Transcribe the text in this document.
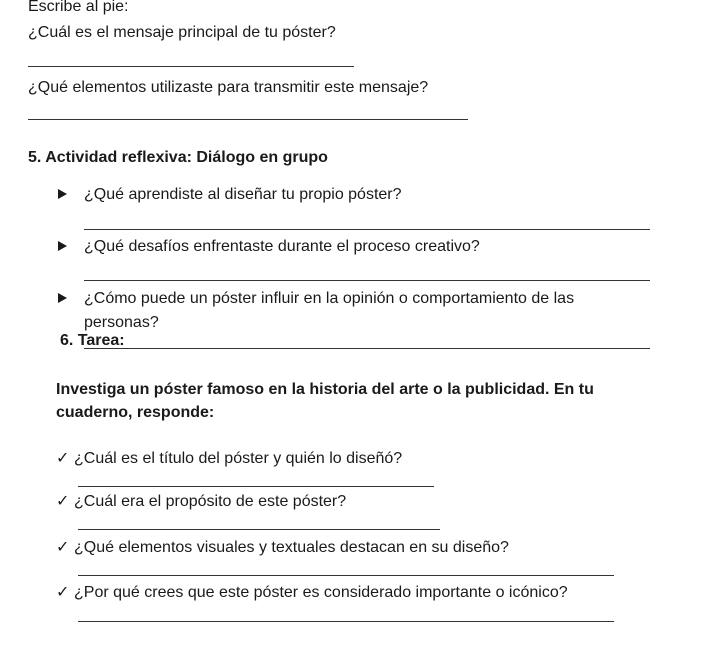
Escribe al pie:
¿Cuál es el mensaje principal de tu póster?
¿Qué elementos utilizaste para transmitir este mensaje?
5. Actividad reflexiva: Diálogo en grupo
¿Qué aprendiste al diseñar tu propio póster?
¿Qué desafíos enfrentaste durante el proceso creativo?
¿Cómo puede un póster influir en la opinión o comportamiento de las
personas?
6. Tarea:
Investiga un póster famoso en la historia del arte o la publicidad. En tu
cuaderno, responde:
✓ ¿Cuál es el título del póster y quién lo diseñó?
✓ ¿Cuál era el propósito de este póster?
✓ ¿Qué elementos visuales y textuales destacan en su diseño?
✓ ¿Por qué crees que este póster es considerado importante o icónico?
